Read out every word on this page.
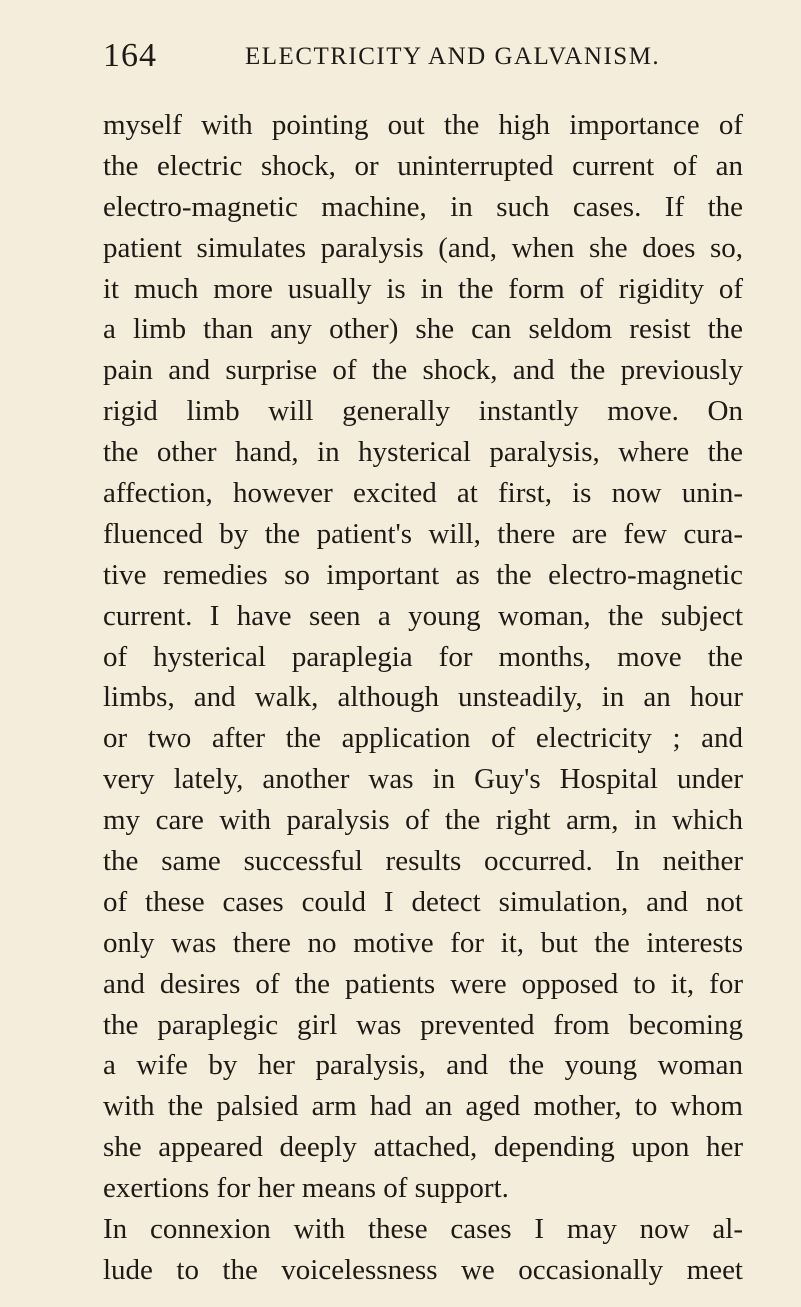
164	ELECTRICITY AND GALVANISM.
myself with pointing out the high importance of
the electric shock, or uninterrupted current of an
electro-magnetic machine, in such cases. If the
patient simulates paralysis (and, when she does so,
it much more usually is in the form of rigidity of
a limb than any other) she can seldom resist the
pain and surprise of the shock, and the previously
rigid limb will generally instantly move. On
the other hand, in hysterical paralysis, where the
affection, however excited at first, is now unin-
fluenced by the patient's will, there are few cura-
tive remedies so important as the electro-magnetic
current. I have seen a young woman, the subject
of hysterical paraplegia for months, move the
limbs, and walk, although unsteadily, in an hour
or two after the application of electricity ; and
very lately, another was in Guy's Hospital under
my care with paralysis of the right arm, in which
the same successful results occurred. In neither
of these cases could I detect simulation, and not
only was there no motive for it, but the interests
and desires of the patients were opposed to it, for
the paraplegic girl was prevented from becoming
a wife by her paralysis, and the young woman
with the palsied arm had an aged mother, to whom
she appeared deeply attached, depending upon her
exertions for her means of support.
In connexion with these cases I may now al-
lude to the voicelessness we occasionally meet
